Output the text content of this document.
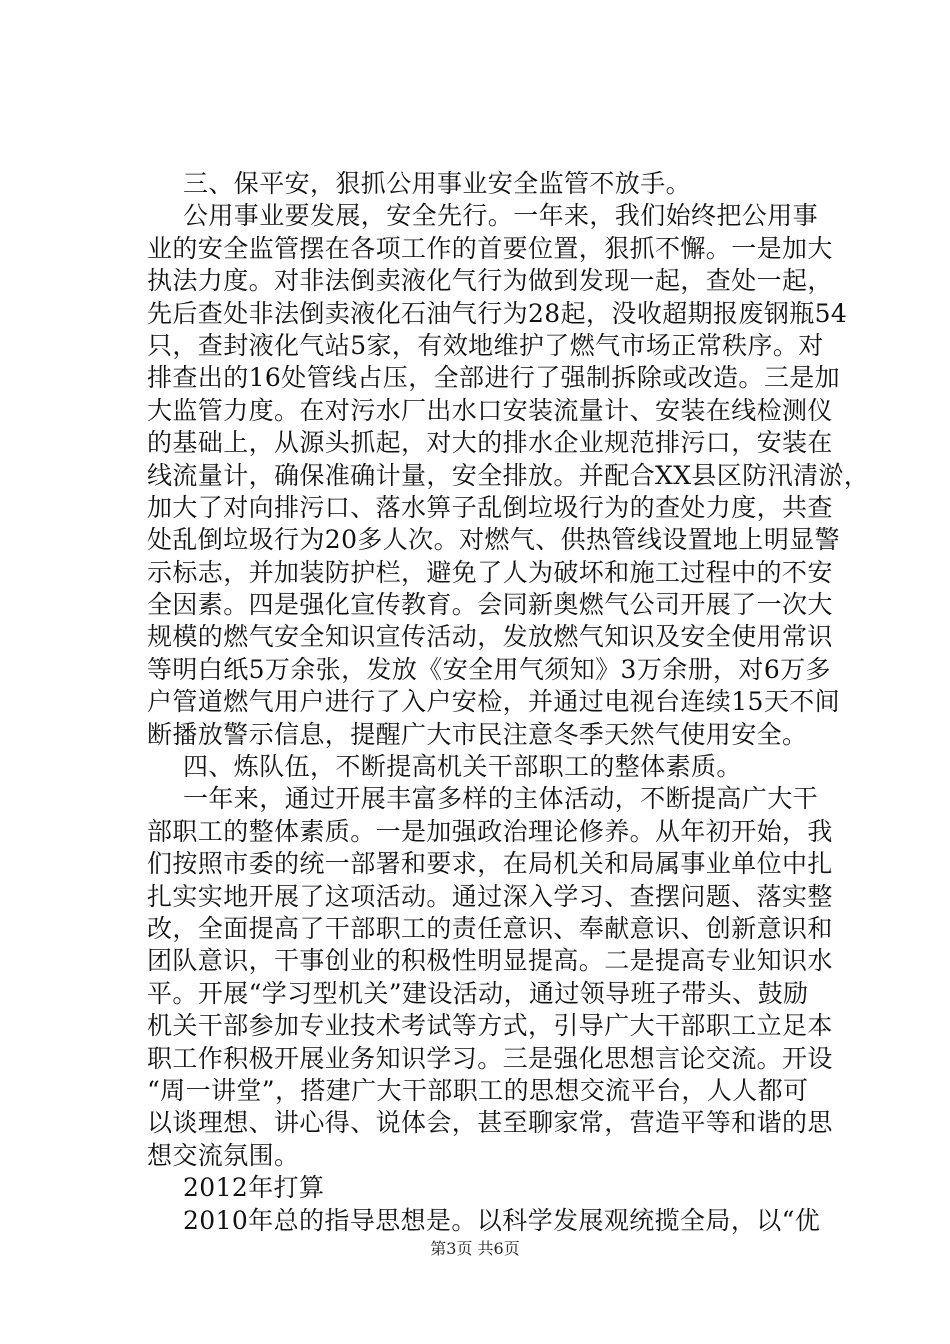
三、保平安，狠抓公用事业安全监管不放手。
公用事业要发展，安全先行。一年来，我们始终把公用事
业的安全监管摆在各项工作的首要位置，狠抓不懈。一是加大
执法力度。对非法倒卖液化气行为做到发现一起，查处一起，
先后查处非法倒卖液化石油气行为28起，没收超期报废钢瓶54
只，查封液化气站5家，有效地维护了燃气市场正常秩序。对
排查出的16处管线占压，全部进行了强制拆除或改造。三是加
大监管力度。在对污水厂出水口安装流量计、安装在线检测仪
的基础上，从源头抓起，对大的排水企业规范排污口，安装在
线流量计，确保准确计量，安全排放。并配合XX县区防汛清淤，
加大了对向排污口、落水箅子乱倒垃圾行为的查处力度，共查
处乱倒垃圾行为20多人次。对燃气、供热管线设置地上明显警
示标志，并加装防护栏，避免了人为破坏和施工过程中的不安
全因素。四是强化宣传教育。会同新奥燃气公司开展了一次大
规模的燃气安全知识宣传活动，发放燃气知识及安全使用常识
等明白纸5万余张，发放《安全用气须知》3万余册，对6万多
户管道燃气用户进行了入户安检，并通过电视台连续15天不间
断播放警示信息，提醒广大市民注意冬季天然气使用安全。
四、炼队伍，不断提高机关干部职工的整体素质。
一年来，通过开展丰富多样的主体活动，不断提高广大干
部职工的整体素质。一是加强政治理论修养。从年初开始，我
们按照市委的统一部署和要求，在局机关和局属事业单位中扎
扎实实地开展了这项活动。通过深入学习、查摆问题、落实整
改，全面提高了干部职工的责任意识、奉献意识、创新意识和
团队意识，干事创业的积极性明显提高。二是提高专业知识水
平。开展“学习型机关”建设活动，通过领导班子带头、鼓励
机关干部参加专业技术考试等方式，引导广大干部职工立足本
职工作积极开展业务知识学习。三是强化思想言论交流。开设
“周一讲堂”，搭建广大干部职工的思想交流平台，人人都可
以谈理想、讲心得、说体会，甚至聊家常，营造平等和谐的思
想交流氛围。
2012年打算
2010年总的指导思想是。以科学发展观统揽全局，以“优
第3页 共6页
